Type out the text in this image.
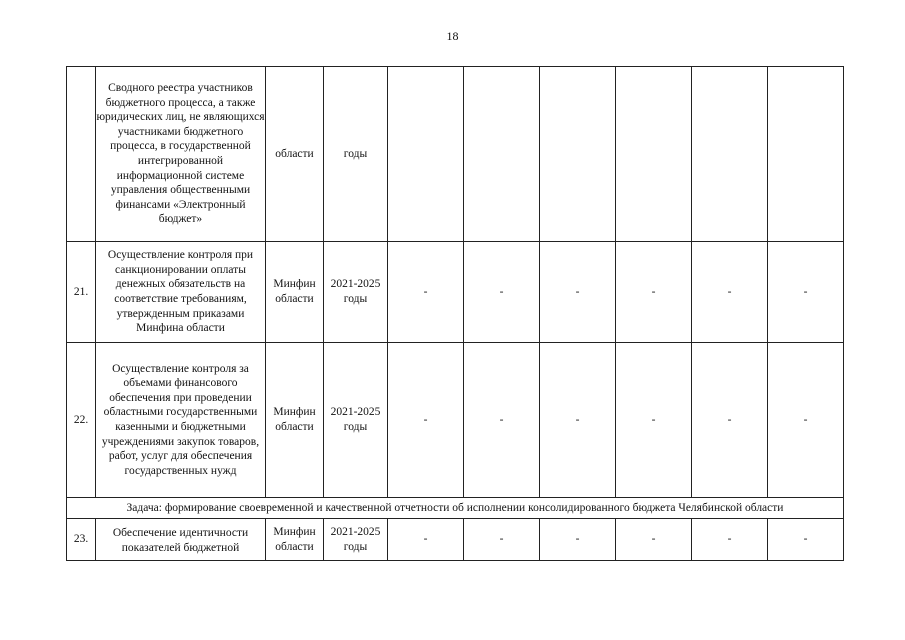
18
	Сводного реестра участников бюджетного процесса, а также юридических лиц, не являющихся участниками бюджетного процесса, в государственной интегрированной информационной системе управления общественными финансами «Электронный бюджет»	области	годы						
21.	Осуществление контроля при санкционировании оплаты денежных обязательств на соответствие требованиям, утвержденным приказами Минфина области	Минфин области	2021-2025 годы	-	-	-	-	-	-
22.	Осуществление контроля за объемами финансового обеспечения при проведении областными государственными казенными и бюджетными учреждениями закупок товаров, работ, услуг для обеспечения государственных нужд	Минфин области	2021-2025 годы	-	-	-	-	-	-
Задача: формирование своевременной и качественной отчетности об исполнении консолидированного бюджета Челябинской области									
23.	Обеспечение идентичности показателей бюджетной	Минфин области	2021-2025 годы	-	-	-	-	-	-
